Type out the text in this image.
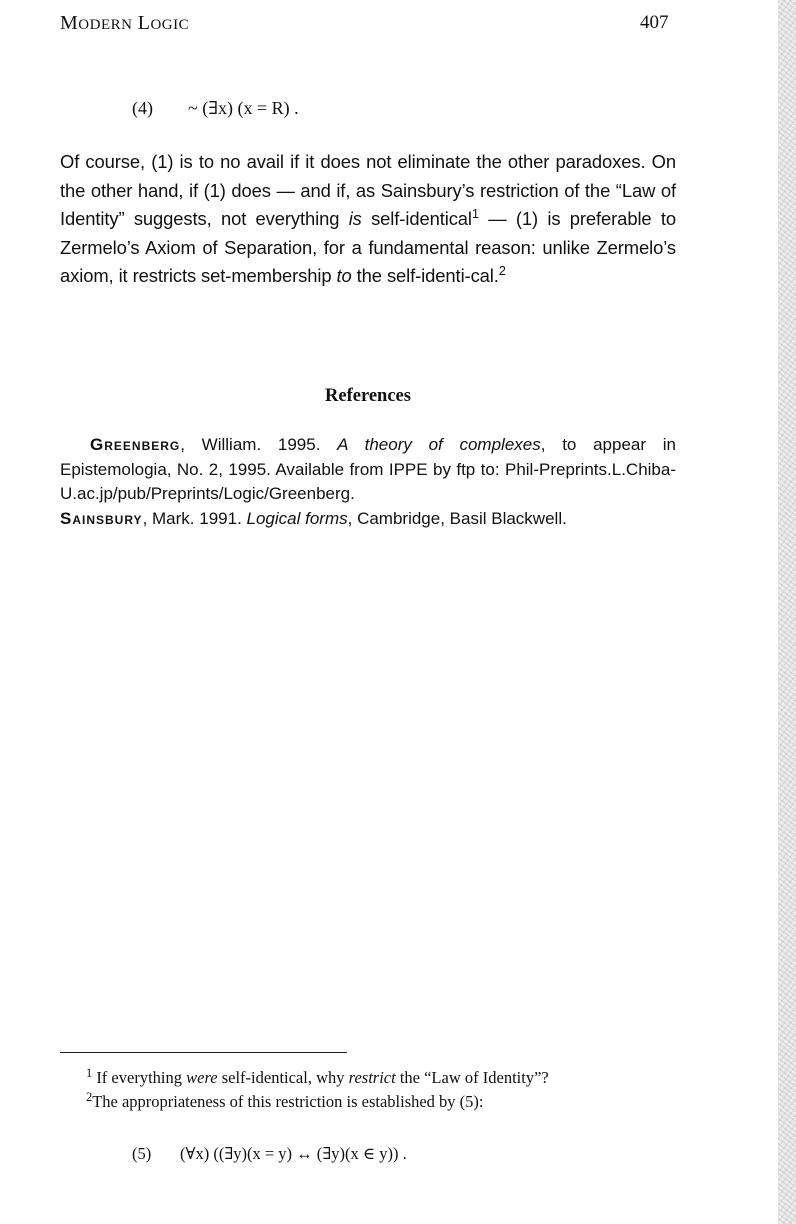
MODERN LOGIC	407
(4) ~ (∃x) (x = R) .

Of course, (1) is to no avail if it does not eliminate the other paradoxes. On the other hand, if (1) does — and if, as Sainsbury’s restriction of the “Law of Identity” suggests, not everything is self-identical$^1$ — (1) is preferable to Zermelo’s Axiom of Separation, for a fundamental reason: unlike Zermelo’s axiom, it restricts set-membership to the self-identi-cal.$^2$

References

Greenberg, William. 1995. A theory of complexes, to appear in Epistemologia, No. 2, 1995. Available from IPPE by ftp to: Phil-Preprints.L.Chiba-U.ac.jp/pub/Preprints/Logic/Greenberg.

Sainsbury, Mark. 1991. Logical forms, Cambridge, Basil Blackwell.

$^1$ If everything were self-identical, why restrict the “Law of Identity”?
$^2$The appropriateness of this restriction is established by (5):
(5) (∀x) ((∃y)(x = y) ↔ (∃y)(x ∈ y)) .
